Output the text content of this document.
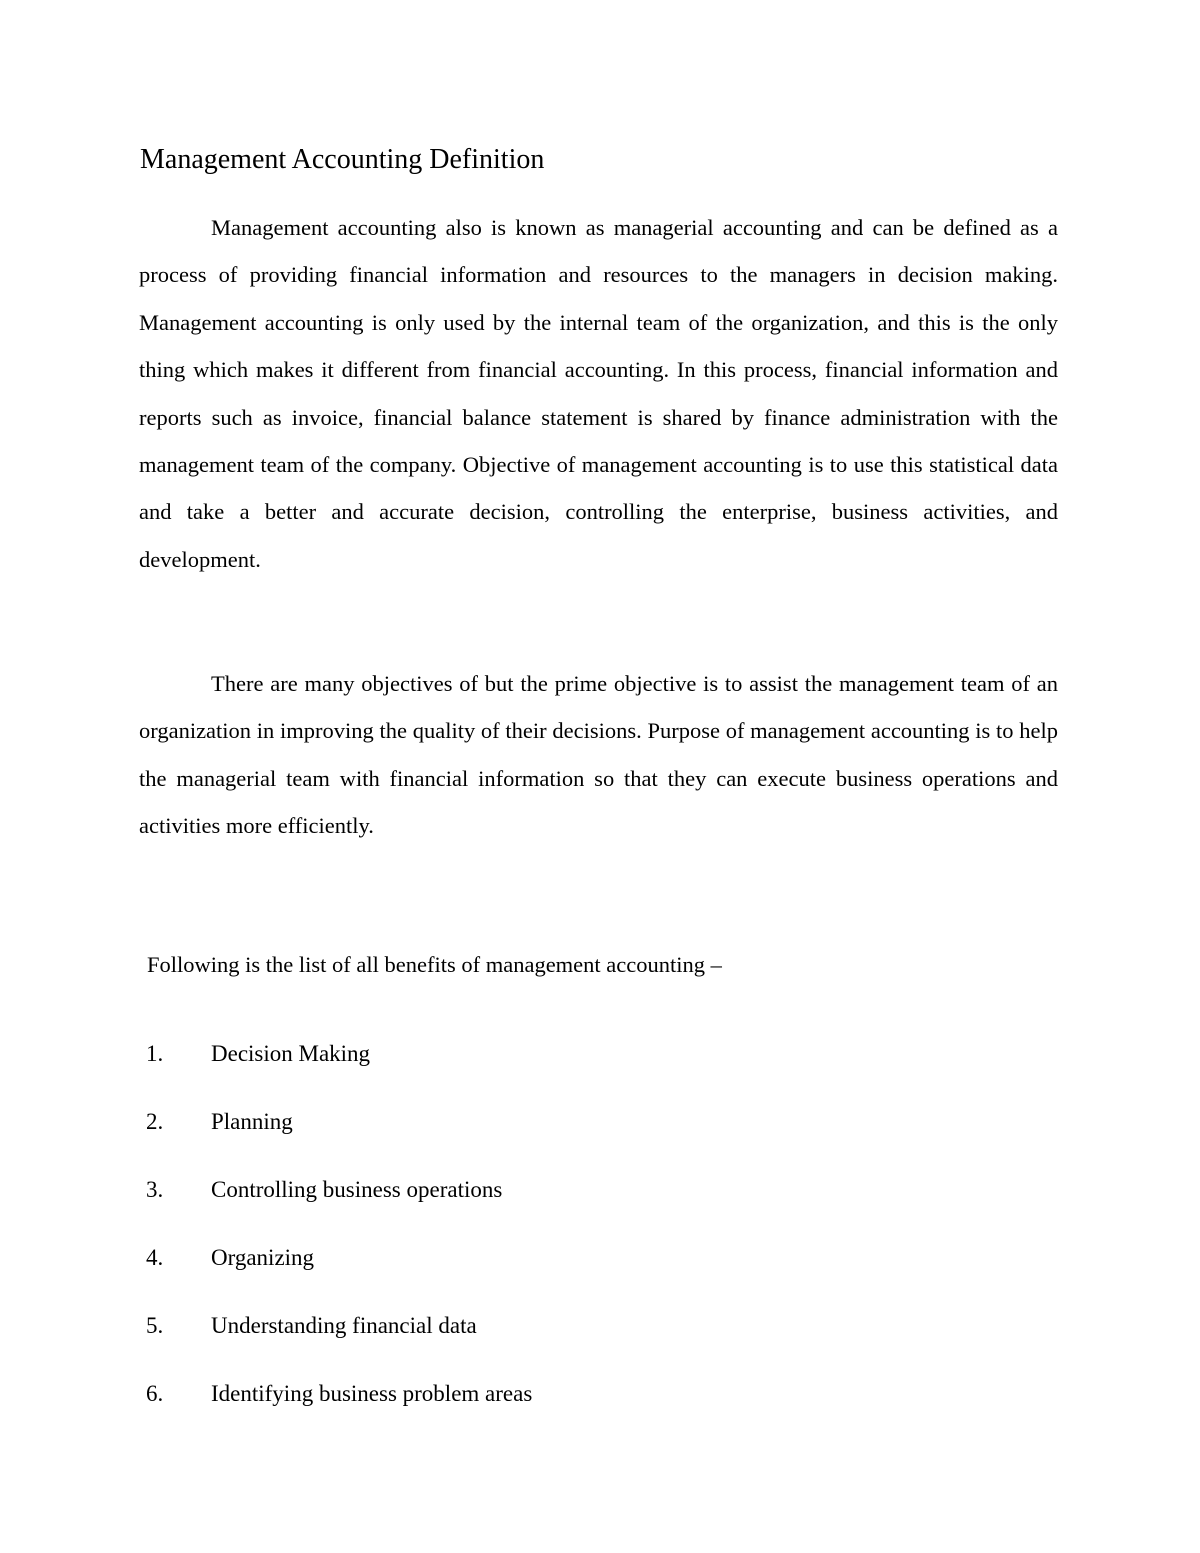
Management Accounting Definition

Management accounting also is known as managerial accounting and can be defined as a process of providing financial information and resources to the managers in decision making. Management accounting is only used by the internal team of the organization, and this is the only thing which makes it different from financial accounting. In this process, financial information and reports such as invoice, financial balance statement is shared by finance administration with the management team of the company. Objective of management accounting is to use this statistical data and take a better and accurate decision, controlling the enterprise, business activities, and development.

There are many objectives of but the prime objective is to assist the management team of an organization in improving the quality of their decisions. Purpose of management accounting is to help the managerial team with financial information so that they can execute business operations and activities more efficiently.

Following is the list of all benefits of management accounting –

1. Decision Making
2. Planning
3. Controlling business operations
4. Organizing
5. Understanding financial data
6. Identifying business problem areas
